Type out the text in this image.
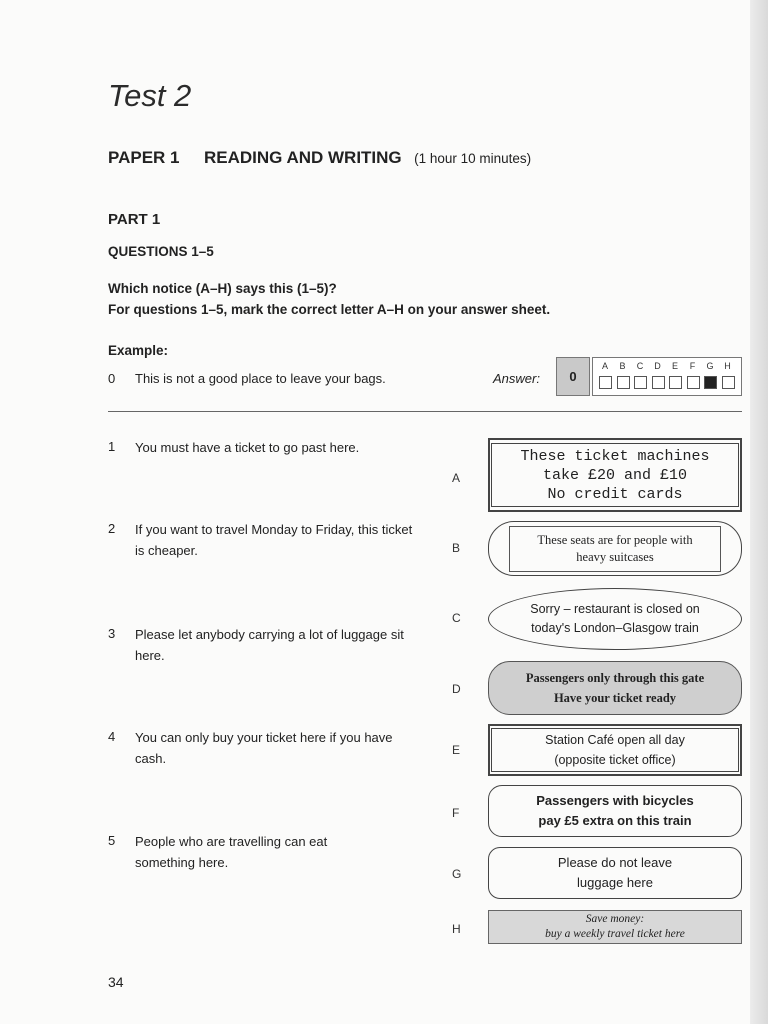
Test 2
PAPER 1 READING AND WRITING (1 hour 10 minutes)
PART 1
QUESTIONS 1–5
Which notice (A–H) says this (1–5)?
For questions 1–5, mark the correct letter A–H on your answer sheet.
Example:
0 This is not a good place to leave your bags.	Answer:	0
A	B	C	D	E	F	G	H
1 You must have a ticket to go past here.
2 If you want to travel Monday to Friday, this ticket is cheaper.
3 Please let anybody carrying a lot of luggage sit here.
4 You can only buy your ticket here if you have cash.
5 People who are travelling can eat something here.
A
B
C
D
E
F
G
H
These ticket machines
take £20 and £10
No credit cards
These seats are for people with
heavy suitcases
Sorry – restaurant is closed on
today's London–Glasgow train
Passengers only through this gate
Have your ticket ready
Station Café open all day
(opposite ticket office)
Passengers with bicycles
pay £5 extra on this train
Please do not leave
luggage here
Save money:
buy a weekly travel ticket here
34
